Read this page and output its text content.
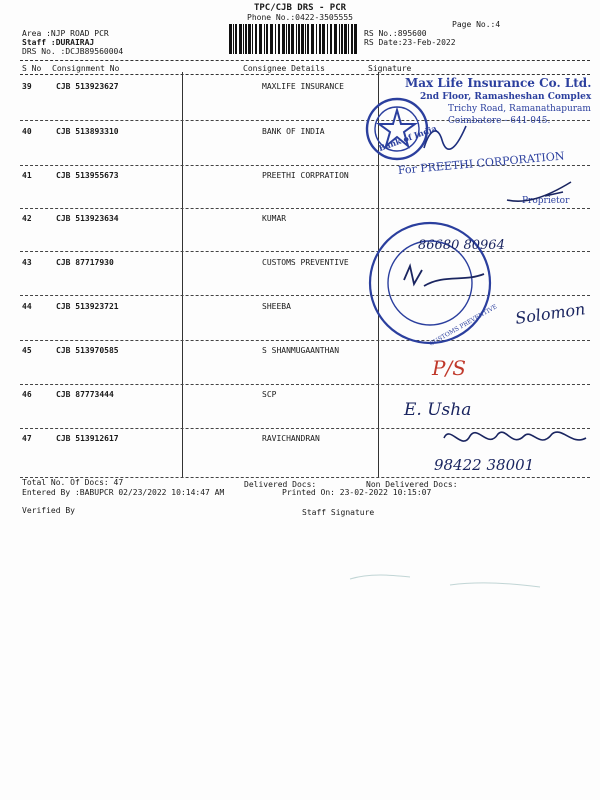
TPC/CJB DRS - PCR
Phone No.:0422-3505555
Area :NJP ROAD PCR
Staff :DURAIRAJ
DRS No. :DCJB89560004
RS No.:895600
RS Date:23-Feb-2022
Page No.:4
S No Consignment No	Consignee Details	Signature
39	CJB 513923627	MAXLIFE INSURANCE
40	CJB 513893310	BANK OF INDIA
41	CJB 513955673	PREETHI CORPRATION
42	CJB 513923634	KUMAR
43	CJB 87717930	CUSTOMS PREVENTIVE
44	CJB 513923721	SHEEBA
45	CJB 513970585	S SHANMUGAANTHAN
46	CJB 87773444	SCP
47	CJB 513912617	RAVICHANDRAN
Max Life Insurance Co. Ltd.
2nd Floor, Ramasheshan Complex
Trichy Road, Ramanathapuram
Coimbatore - 641 045.
Bank of India
For PREETHI CORPORATION
Proprietor
86680 80964
CUSTOMS PREVENTIVE Solomon
P/S
E. Usha
98422 38001
Total No. Of Docs: 47	Delivered Docs:	Non Delivered Docs:
Entered By :BABUPCR 02/23/2022 10:14:47 AM	Printed On: 23-02-2022 10:15:07
Verified By	Staff Signature
